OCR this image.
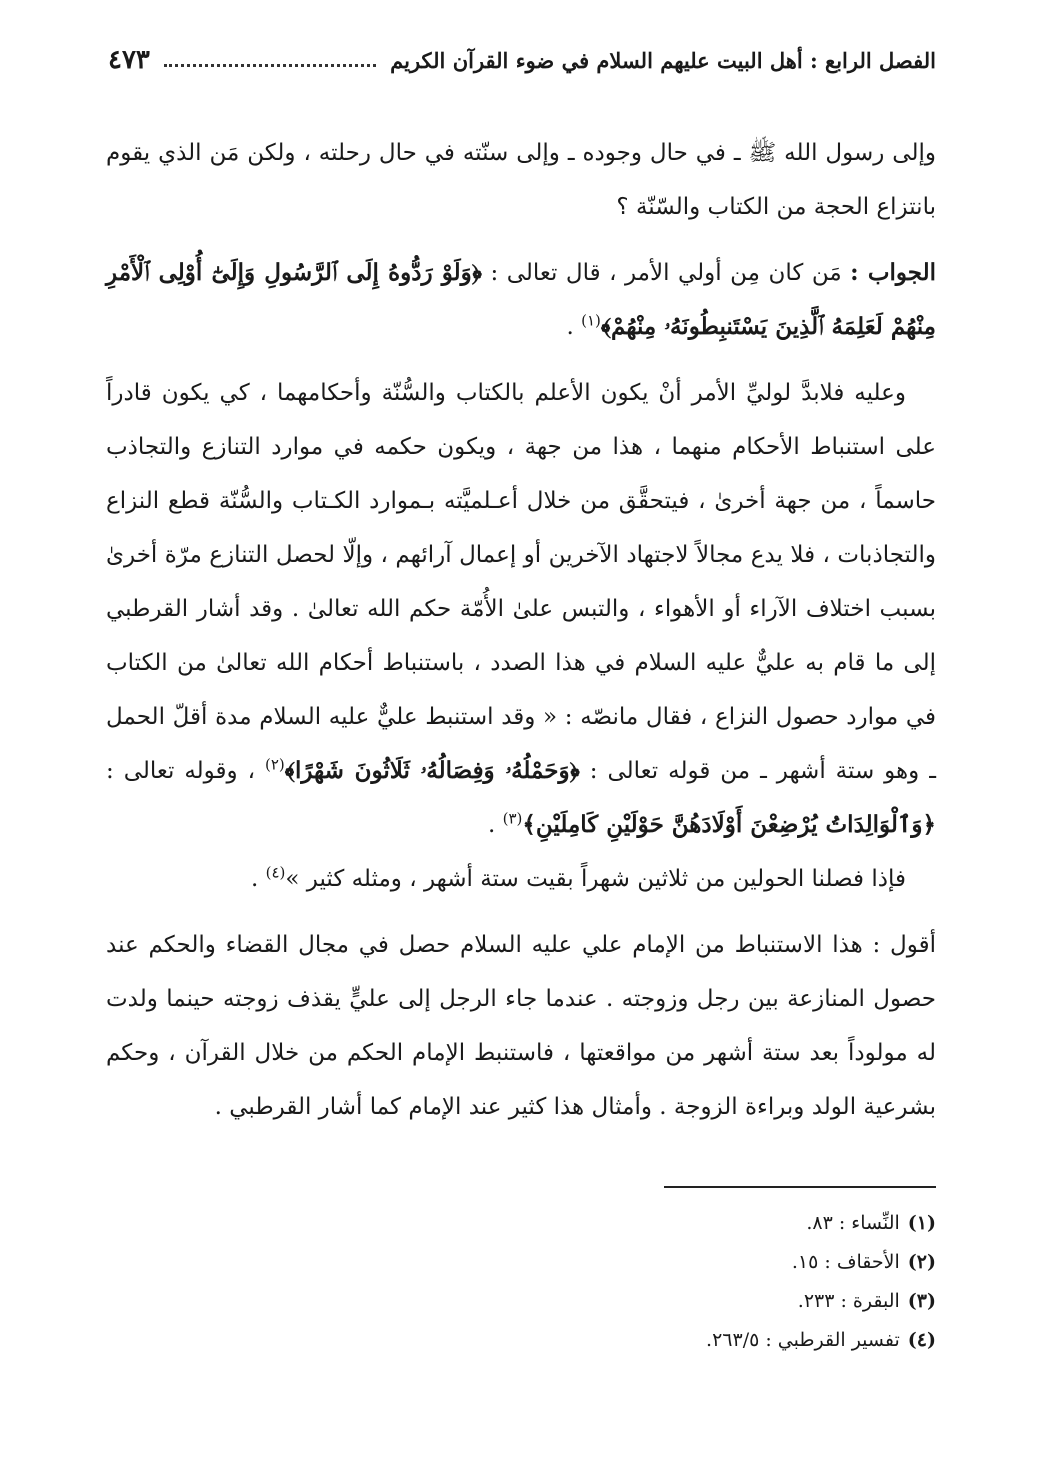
الفصل الرابع : أهل البيت عليهم السلام في ضوء القرآن الكريم
٤٧٣

وإلى رسول الله ﷺ ـ في حال وجوده ـ وإلى سنّته في حال رحلته ، ولكن مَن الذي يقوم بانتزاع الحجة من الكتاب والسّنّة ؟

الجواب : مَن كان مِن أولي الأمر ، قال تعالى : ﴿وَلَوْ رَدُّوهُ إِلَى ٱلرَّسُولِ وَإِلَىٰٓ أُوْلِى ٱلْأَمْرِ مِنْهُمْ لَعَلِمَهُ ٱلَّذِينَ يَسْتَنبِطُونَهُۥ مِنْهُمْ﴾$^{(١)}$ .

وعليه فلابدَّ لوليِّ الأمر أنْ يكون الأعلم بالكتاب والسُّنّة وأحكامهما ، كي يكون قادراً على استنباط الأحكام منهما ، هذا من جهة ، ويكون حكمه في موارد التنازع والتجاذب حاسماً ، من جهة أخرىٰ ، فيتحقَّق من خلال أعـلميَّته بـموارد الكـتاب والسُّنّة قطع النزاع والتجاذبات ، فلا يدع مجالاً لاجتهاد الآخرين أو إعمال آرائهم ، وإلّا لحصل التنازع مرّة أخرىٰ بسبب اختلاف الآراء أو الأهواء ، والتبس علىٰ الأُمّة حكم الله تعالىٰ . وقد أشار القرطبي إلى ما قام به عليٌّ عليه السلام في هذا الصدد ، باستنباط أحكام الله تعالىٰ من الكتاب في موارد حصول النزاع ، فقال مانصّه : « وقد استنبط عليٌّ عليه السلام مدة أقلّ الحمل ـ وهو ستة أشهر ـ من قوله تعالى : ﴿وَحَمْلُهُۥ وَفِصَالُهُۥ ثَلَاثُونَ شَهْرًا﴾$^{(٢)}$ ، وقوله تعالى : ﴿وَٱلْوَالِدَاتُ يُرْضِعْنَ أَوْلَادَهُنَّ حَوْلَيْنِ كَامِلَيْنِ﴾$^{(٣)}$ .

فإذا فصلنا الحولين من ثلاثين شهراً بقيت ستة أشهر ، ومثله كثير »$^{(٤)}$ .

أقول : هذا الاستنباط من الإمام علي عليه السلام حصل في مجال القضاء والحكم عند حصول المنازعة بين رجل وزوجته . عندما جاء الرجل إلى عليٍّ يقذف زوجته حينما ولدت له مولوداً بعد ستة أشهر من مواقعتها ، فاستنبط الإمام الحكم من خلال القرآن ، وحكم بشرعية الولد وبراءة الزوجة . وأمثال هذا كثير عند الإمام كما أشار القرطبي .

(١)النِّساء : ٨٣.
(٢)الأحقاف : ١٥.
(٣)البقرة : ٢٣٣.
(٤)تفسير القرطبي : ٢٦٣/٥.
